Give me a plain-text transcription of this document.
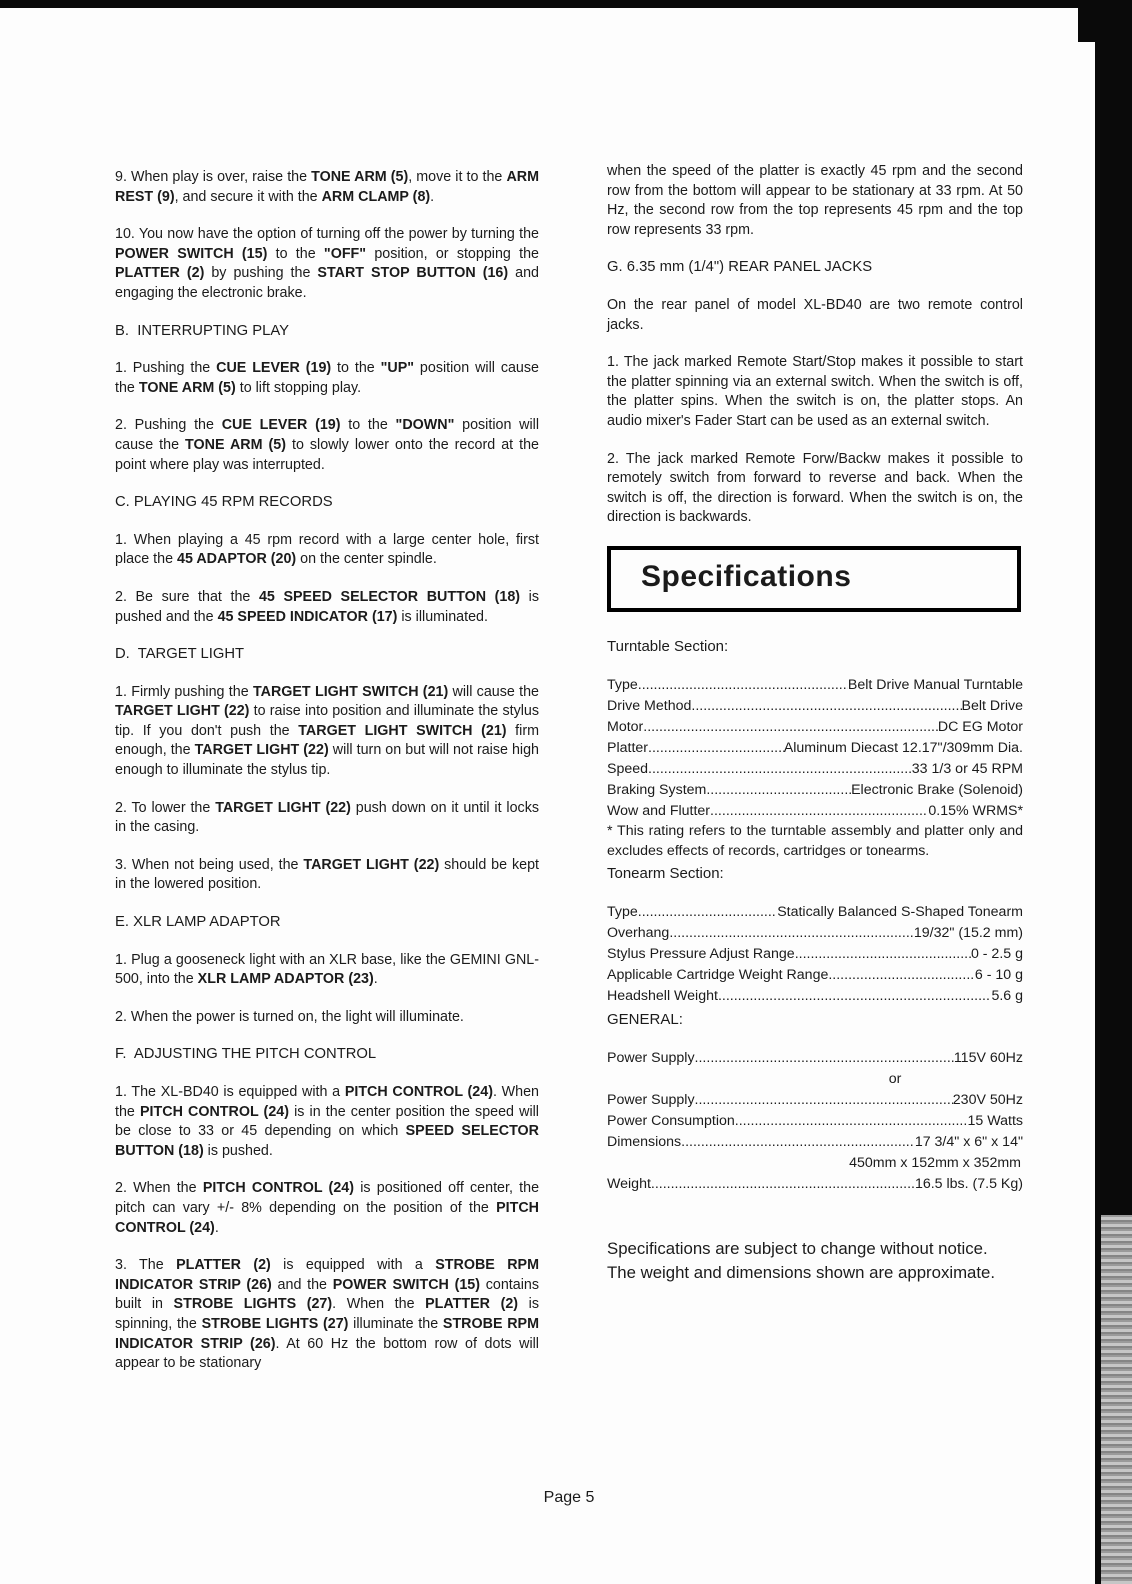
9. When play is over, raise the TONE ARM (5), move it to the ARM REST (9), and secure it with the ARM CLAMP (8).

10. You now have the option of turning off the power by turning the POWER SWITCH (15) to the "OFF" position, or stopping the PLATTER (2) by pushing the START STOP BUTTON (16) and engaging the electronic brake.

B.  INTERRUPTING PLAY

1. Pushing the CUE LEVER (19) to the "UP" position will cause the TONE ARM (5) to lift stopping play.

2. Pushing the CUE LEVER (19) to the "DOWN" position will cause the TONE ARM (5) to slowly lower onto the record at the point where play was interrupted.

C. PLAYING 45 RPM RECORDS

1. When playing a 45 rpm record with a large center hole, first place the 45 ADAPTOR (20) on the center spindle.

2. Be sure that the 45 SPEED SELECTOR BUTTON (18) is pushed and the 45 SPEED INDICATOR (17) is illuminated.

D.  TARGET LIGHT

1. Firmly pushing the TARGET LIGHT SWITCH (21) will cause the TARGET LIGHT (22) to raise into position and illuminate the stylus tip. If you don't push the TARGET LIGHT SWITCH (21) firm enough, the TARGET LIGHT (22) will turn on but will not raise high enough to illuminate the stylus tip.

2. To lower the TARGET LIGHT (22) push down on it until it locks in the casing.

3. When not being used, the TARGET LIGHT (22) should be kept in the lowered position.

E. XLR LAMP ADAPTOR

1. Plug a gooseneck light with an XLR base, like the GEMINI GNL-500, into the XLR LAMP ADAPTOR (23).

2. When the power is turned on, the light will illuminate.

F.  ADJUSTING THE PITCH CONTROL

1. The XL-BD40 is equipped with a PITCH CONTROL (24). When the PITCH CONTROL (24) is in the center position the speed will be close to 33 or 45 depending on which SPEED SELECTOR BUTTON (18) is pushed.

2. When the PITCH CONTROL (24) is positioned off center, the pitch can vary +/- 8% depending on the position of the PITCH CONTROL (24).

3. The PLATTER (2) is equipped with a STROBE RPM INDICATOR STRIP (26) and the POWER SWITCH (15) contains built in STROBE LIGHTS (27). When the PLATTER (2) is spinning, the STROBE LIGHTS (27) illuminate the STROBE RPM INDICATOR STRIP (26). At 60 Hz the bottom row of dots will appear to be stationary

when the speed of the platter is exactly 45 rpm and the second row from the bottom will appear to be stationary at 33 rpm. At 50 Hz, the second row from the top represents 45 rpm and the top row represents 33 rpm.

G. 6.35 mm (1/4") REAR PANEL JACKS

On the rear panel of model XL-BD40 are two remote control jacks.

1. The jack marked Remote Start/Stop makes it possible to start the platter spinning via an external switch. When the switch is off, the platter spins. When the switch is on, the platter stops. An audio mixer's Fader Start can be used as an external switch.

2. The jack marked Remote Forw/Backw makes it possible to remotely switch from forward to reverse and back. When the switch is off, the direction is forward. When the switch is on, the direction is backwards.

Specifications

Turntable Section:

Type .....	Belt Drive Manual Turntable
Drive Method .....	Belt Drive
Motor .....	DC EG Motor
Platter .....	Aluminum Diecast 12.17"/309mm Dia.
Speed .....	33 1/3 or 45 RPM
Braking System .....	Electronic Brake (Solenoid)
Wow and Flutter .....	0.15% WRMS*

* This rating refers to the turntable assembly and platter only and excludes effects of records, cartridges or tonearms.

Tonearm Section:

Type .....	Statically Balanced S-Shaped Tonearm
Overhang .....	19/32" (15.2 mm)
Stylus Pressure Adjust Range .....	0 - 2.5 g
Applicable Cartridge Weight Range .....	6 - 10 g
Headshell Weight .....	5.6 g

GENERAL:

Power Supply .....	115V 60Hz
or
Power Supply .....	230V 50Hz
Power Consumption .....	15 Watts
Dimensions .....	17 3/4" x 6" x 14"
450mm x 152mm x 352mm
Weight .....	16.5 lbs. (7.5 Kg)

Specifications are subject to change without notice.
The weight and dimensions shown are approximate.

Page 5
